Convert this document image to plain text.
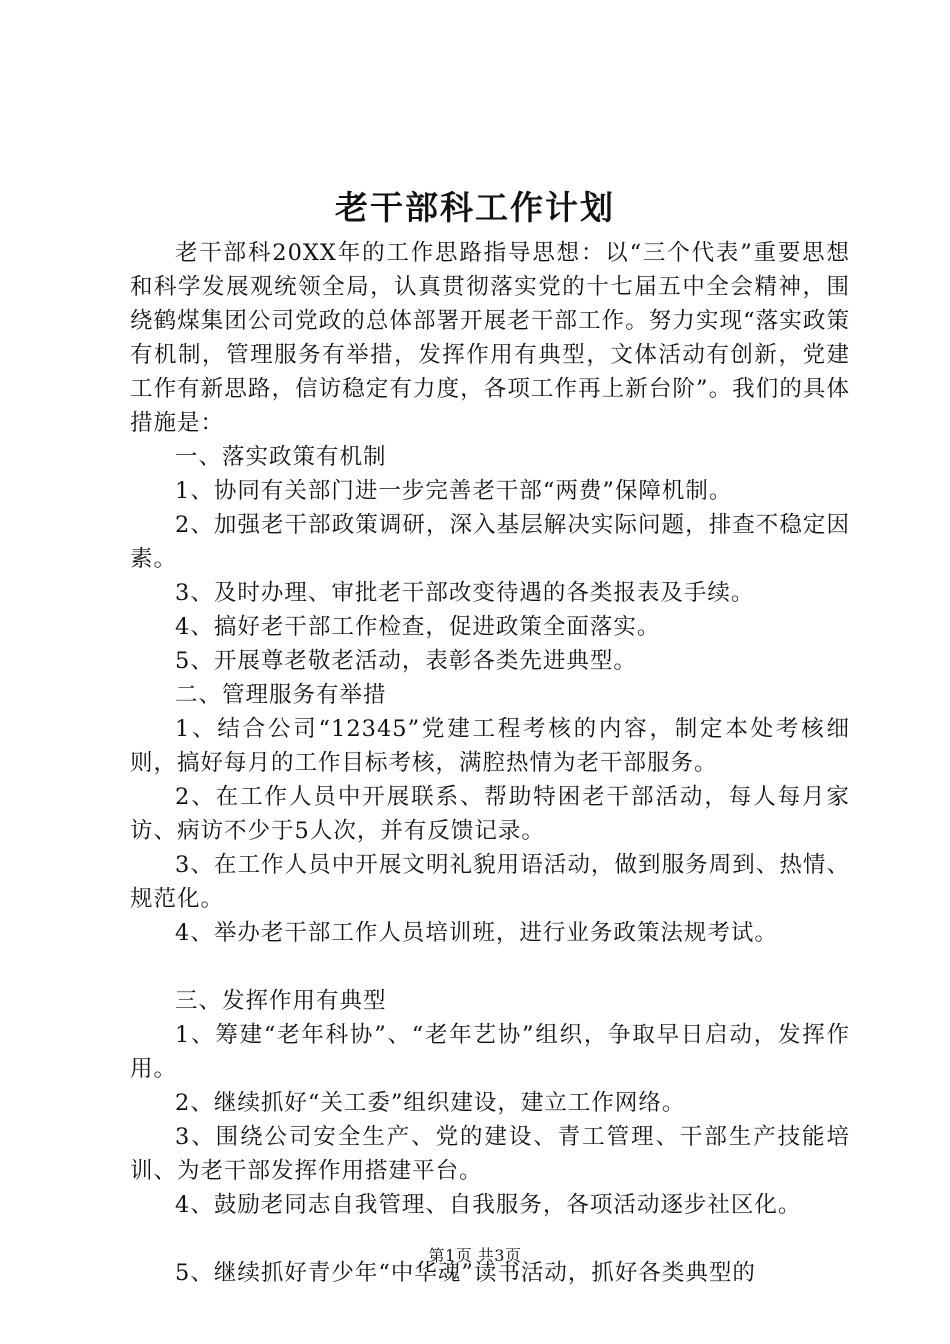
老干部科工作计划

老干部科20XX年的工作思路指导思想：以“三个代表”重要思想和科学发展观统领全局，认真贯彻落实党的十七届五中全会精神，围绕鹤煤集团公司党政的总体部署开展老干部工作。努力实现“落实政策有机制，管理服务有举措，发挥作用有典型，文体活动有创新，党建工作有新思路，信访稳定有力度，各项工作再上新台阶”。我们的具体措施是：

一、落实政策有机制

1、协同有关部门进一步完善老干部“两费”保障机制。

2、加强老干部政策调研，深入基层解决实际问题，排查不稳定因素。

3、及时办理、审批老干部改变待遇的各类报表及手续。

4、搞好老干部工作检查，促进政策全面落实。

5、开展尊老敬老活动，表彰各类先进典型。

二、管理服务有举措

1、结合公司“12345”党建工程考核的内容，制定本处考核细则，搞好每月的工作目标考核，满腔热情为老干部服务。

2、在工作人员中开展联系、帮助特困老干部活动，每人每月家访、病访不少于5人次，并有反馈记录。

3、在工作人员中开展文明礼貌用语活动，做到服务周到、热情、规范化。

4、举办老干部工作人员培训班，进行业务政策法规考试。

三、发挥作用有典型

1、筹建“老年科协”、“老年艺协”组织，争取早日启动，发挥作用。

2、继续抓好“关工委”组织建设，建立工作网络。

3、围绕公司安全生产、党的建设、青工管理、干部生产技能培训、为老干部发挥作用搭建平台。

4、鼓励老同志自我管理、自我服务，各项活动逐步社区化。

5、继续抓好青少年“中华魂”读书活动，抓好各类典型的

第1页 共3页
